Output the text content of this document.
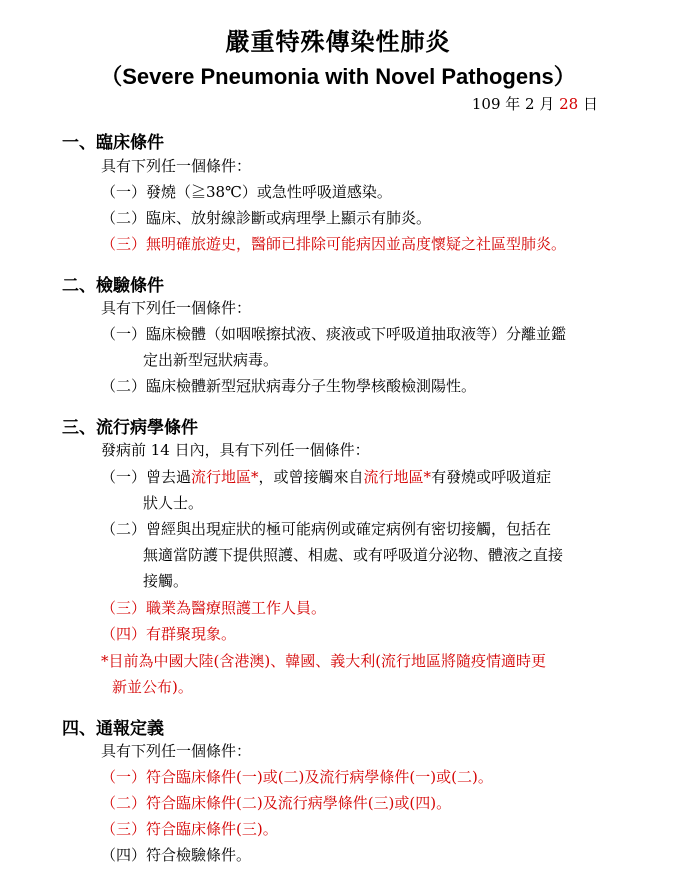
嚴重特殊傳染性肺炎
（Severe Pneumonia with Novel Pathogens）
109 年 2 月 28 日
一、臨床條件
具有下列任一個條件：
（一）發燒（≧38℃）或急性呼吸道感染。
（二）臨床、放射線診斷或病理學上顯示有肺炎。
（三）無明確旅遊史，醫師已排除可能病因並高度懷疑之社區型肺炎。
二、檢驗條件
具有下列任一個條件：
（一）臨床檢體（如咽喉擦拭液、痰液或下呼吸道抽取液等）分離並鑑
定出新型冠狀病毒。
（二）臨床檢體新型冠狀病毒分子生物學核酸檢測陽性。
三、流行病學條件
發病前 14 日內，具有下列任一個條件：
（一）曾去過流行地區*，或曾接觸來自流行地區*有發燒或呼吸道症
狀人士。
（二）曾經與出現症狀的極可能病例或確定病例有密切接觸，包括在
無適當防護下提供照護、相處、或有呼吸道分泌物、體液之直接
接觸。
（三）職業為醫療照護工作人員。
（四）有群聚現象。
*目前為中國大陸(含港澳)、韓國、義大利(流行地區將隨疫情適時更
新並公布)。
四、通報定義
具有下列任一個條件：
（一）符合臨床條件(一)或(二)及流行病學條件(一)或(二)。
（二）符合臨床條件(二)及流行病學條件(三)或(四)。
（三）符合臨床條件(三)。
（四）符合檢驗條件。
